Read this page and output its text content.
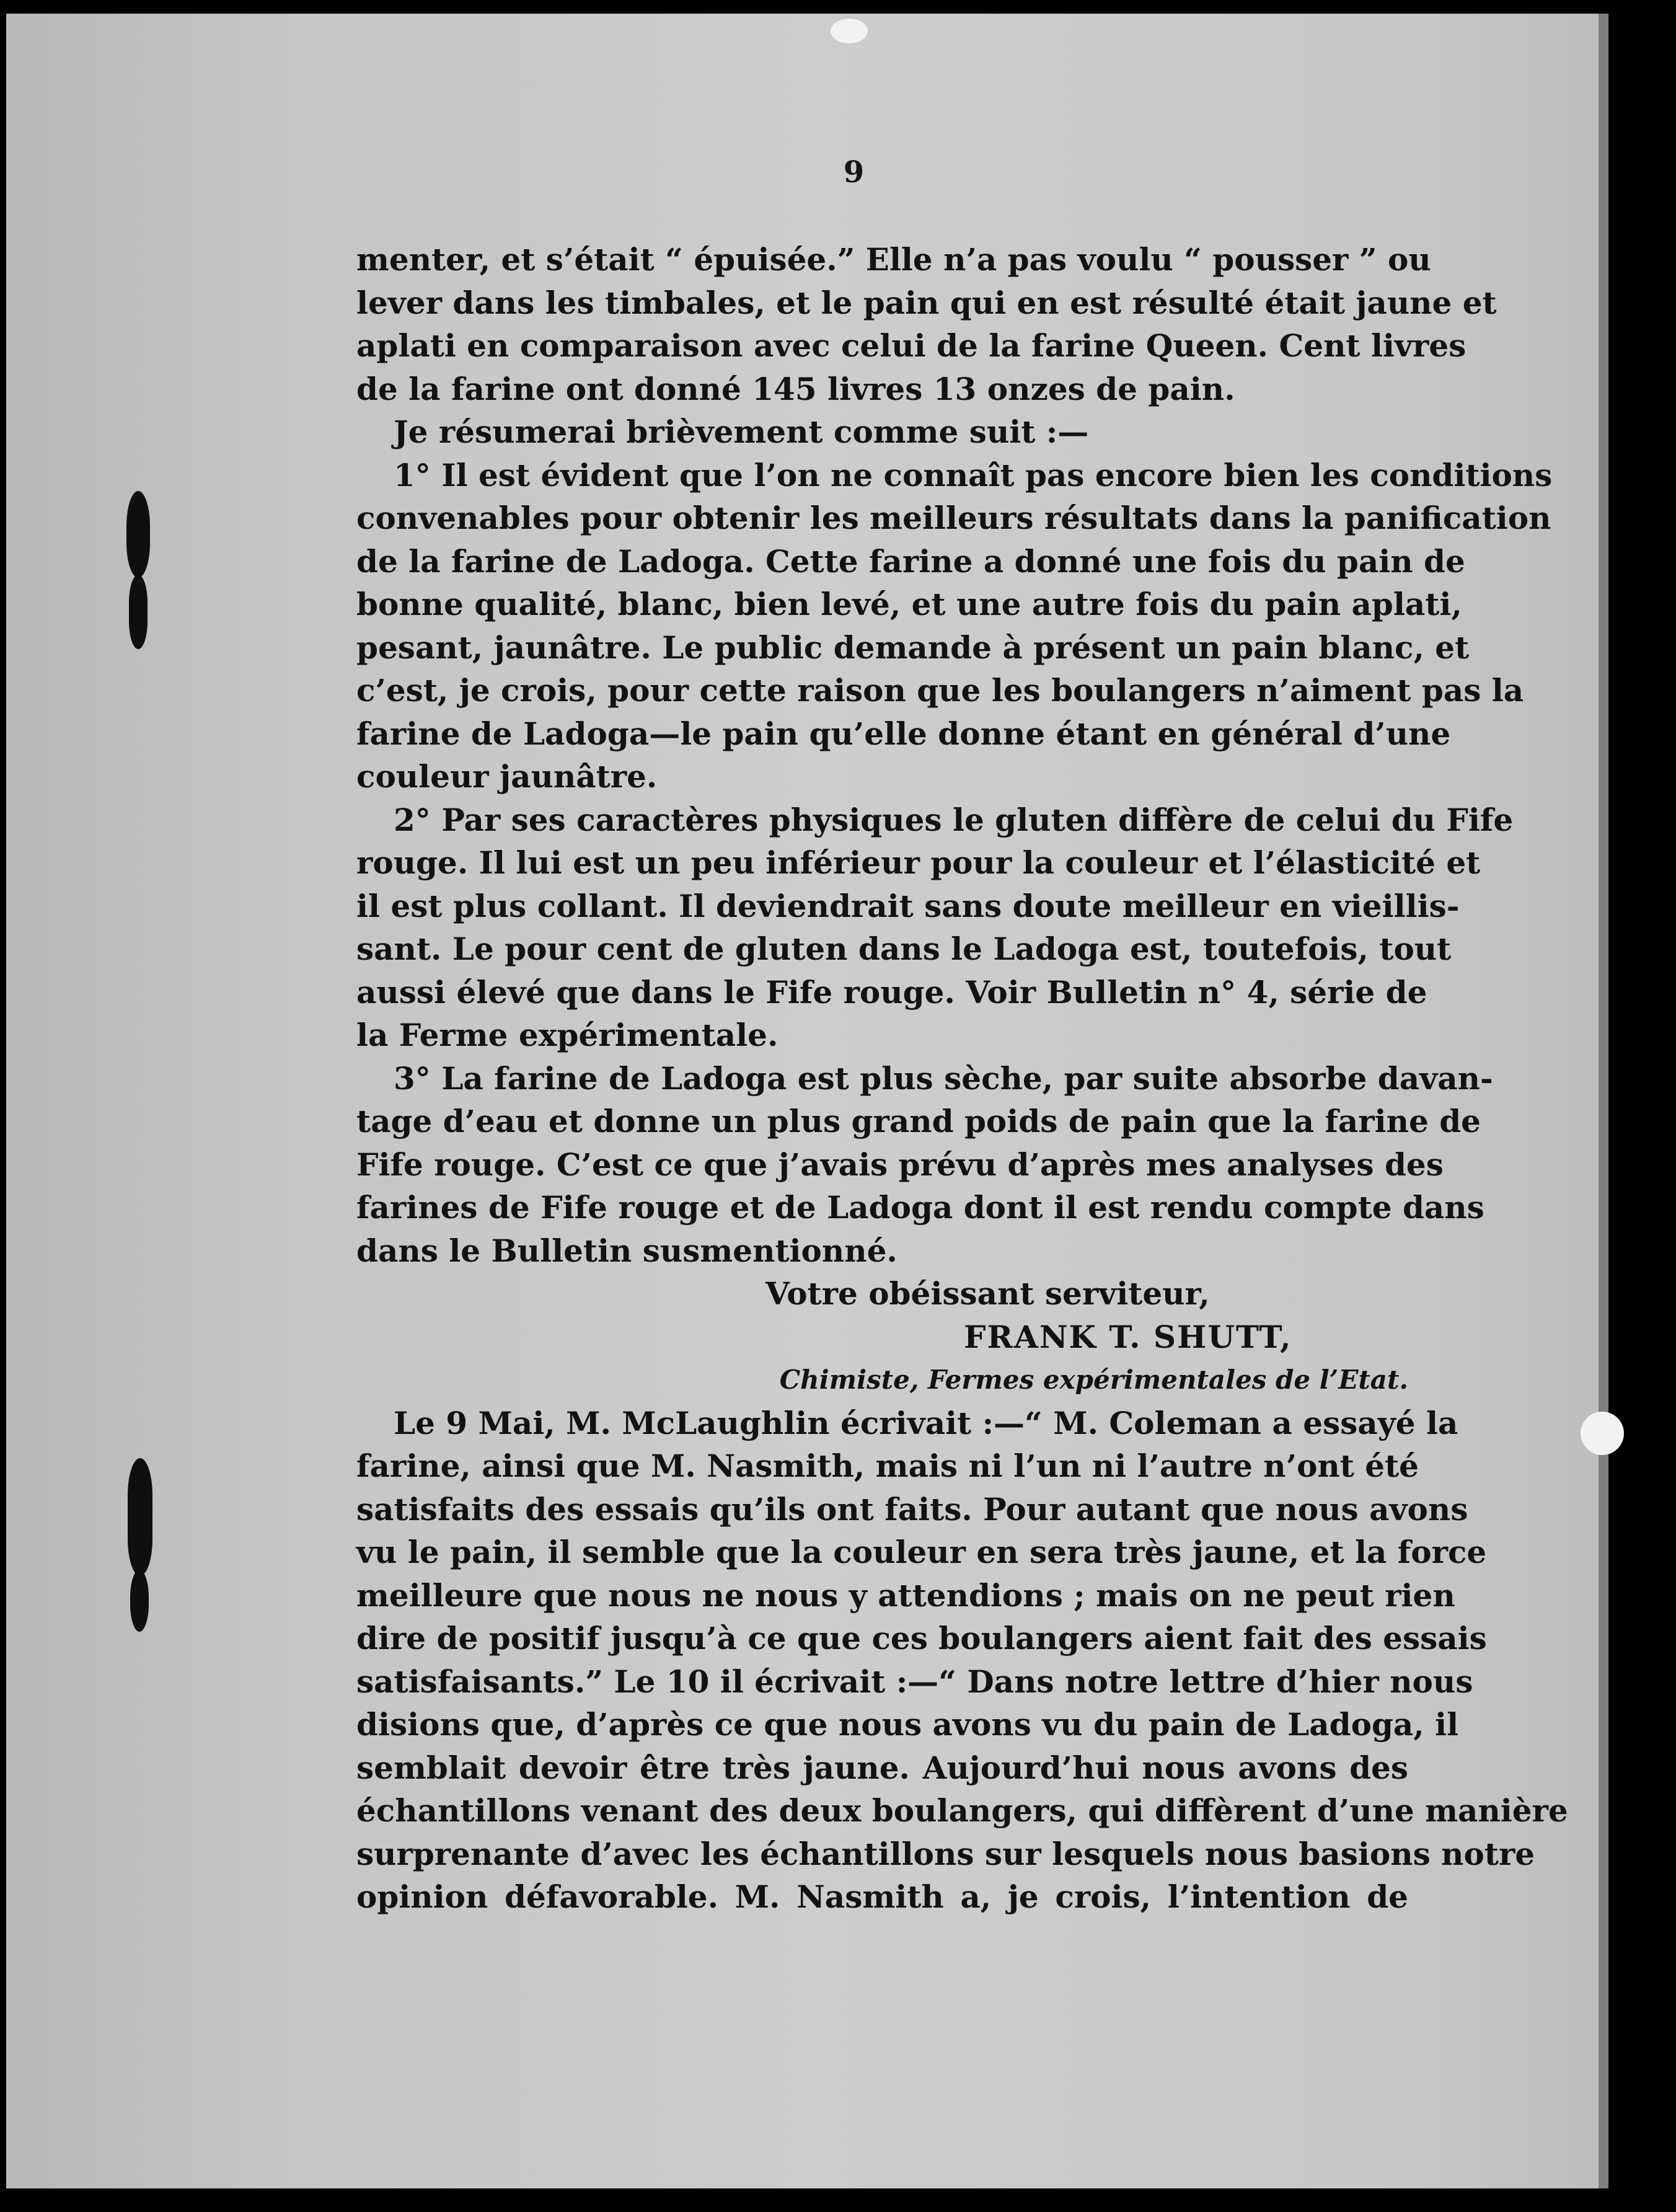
9
menter, et s’était “ épuisée.” Elle n’a pas voulu “ pousser ” ou
lever dans les timbales, et le pain qui en est résulté était jaune et
aplati en comparaison avec celui de la farine Queen. Cent livres
de la farine ont donné 145 livres 13 onzes de pain.
Je résumerai brièvement comme suit :—
1° Il est évident que l’on ne connaît pas encore bien les conditions
convenables pour obtenir les meilleurs résultats dans la panification
de la farine de Ladoga. Cette farine a donné une fois du pain de
bonne qualité, blanc, bien levé, et une autre fois du pain aplati,
pesant, jaunâtre. Le public demande à présent un pain blanc, et
c’est, je crois, pour cette raison que les boulangers n’aiment pas la
farine de Ladoga—le pain qu’elle donne étant en général d’une
couleur jaunâtre.
2° Par ses caractères physiques le gluten diffère de celui du Fife
rouge. Il lui est un peu inférieur pour la couleur et l’élasticité et
il est plus collant. Il deviendrait sans doute meilleur en vieillis-
sant. Le pour cent de gluten dans le Ladoga est, toutefois, tout
aussi élevé que dans le Fife rouge. Voir Bulletin n° 4, série de
la Ferme expérimentale.
3° La farine de Ladoga est plus sèche, par suite absorbe davan-
tage d’eau et donne un plus grand poids de pain que la farine de
Fife rouge. C’est ce que j’avais prévu d’après mes analyses des
farines de Fife rouge et de Ladoga dont il est rendu compte dans
dans le Bulletin susmentionné.
Votre obéissant serviteur,
FRANK T. SHUTT,
Chimiste, Fermes expérimentales de l’Etat.
Le 9 Mai, M. McLaughlin écrivait :—“ M. Coleman a essayé la
farine, ainsi que M. Nasmith, mais ni l’un ni l’autre n’ont été
satisfaits des essais qu’ils ont faits. Pour autant que nous avons
vu le pain, il semble que la couleur en sera très jaune, et la force
meilleure que nous ne nous y attendions ; mais on ne peut rien
dire de positif jusqu’à ce que ces boulangers aient fait des essais
satisfaisants.” Le 10 il écrivait :—“ Dans notre lettre d’hier nous
disions que, d’après ce que nous avons vu du pain de Ladoga, il
semblait devoir être très jaune. Aujourd’hui nous avons des
échantillons venant des deux boulangers, qui diffèrent d’une manière
surprenante d’avec les échantillons sur lesquels nous basions notre
opinion défavorable. M. Nasmith a, je crois, l’intention de
